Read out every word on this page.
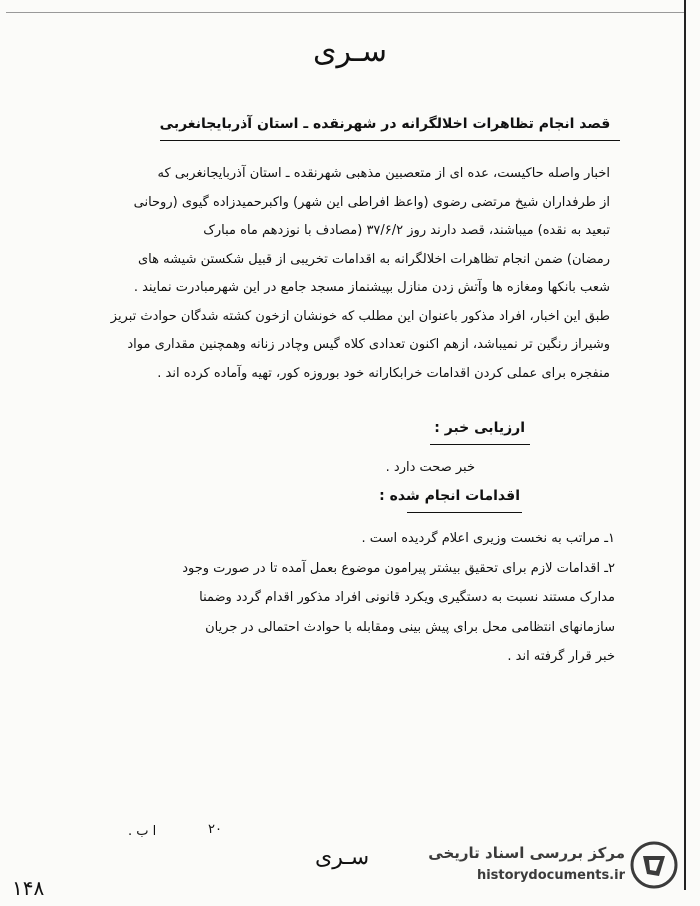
سـری
قصد انجام تظاهرات اخلالگرانه در شهرنقده ـ استان آذربایجانغربی

اخبار واصله حاکیست، عده ای از متعصبین مذهبی شهرنقده ـ استان آذربایجانغربی که

از طرفداران شیخ مرتضی رضوی (واعظ افراطی این شهر) واکبرحمیدزاده گیوی (روحانی

تبعید به نقده) میباشند، قصد دارند روز ۳۷/۶/۲ (مصادف با نوزدهم ماه مبارک

رمضان) ضمن انجام تظاهرات اخلالگرانه به اقدامات تخریبی از قبیل شکستن شیشه های

شعب بانکها ومغازه ها وآتش زدن منازل بپیشنماز مسجد جامع در این شهرمبادرت نمایند .

طبق این اخبار، افراد مذکور باعنوان این مطلب که خونشان ازخون کشته شدگان حوادث تبریز

وشیراز رنگین تر نمیباشد، ازهم اکنون تعدادی کلاه گیس وچادر زنانه وهمچنین مقداری مواد

منفجره برای عملی کردن اقدامات خرابکارانه خود بوروزه کور، تهیه وآماده کرده اند .

ارزیابی خبر :
خبر صحت دارد .
اقدامات انجام شده :

۱ـ مراتب به نخست وزیری اعلام گردیده است .

۲ـ اقدامات لازم برای تحقیق بیشتر پیرامون موضوع بعمل آمده تا در صورت وجود

مدارک مستند نسبت به دستگیری ویکرد قانونی افراد مذکور اقدام گردد وضمنا

سازمانهای انتظامی محل برای پیش بینی ومقابله با حوادث احتمالی در جریان

خبر قرار گرفته اند .

۲۰
ا ب .
سـری
۱۴۸
مرکز بررسی اسناد تاریخی
historydocuments.ir
